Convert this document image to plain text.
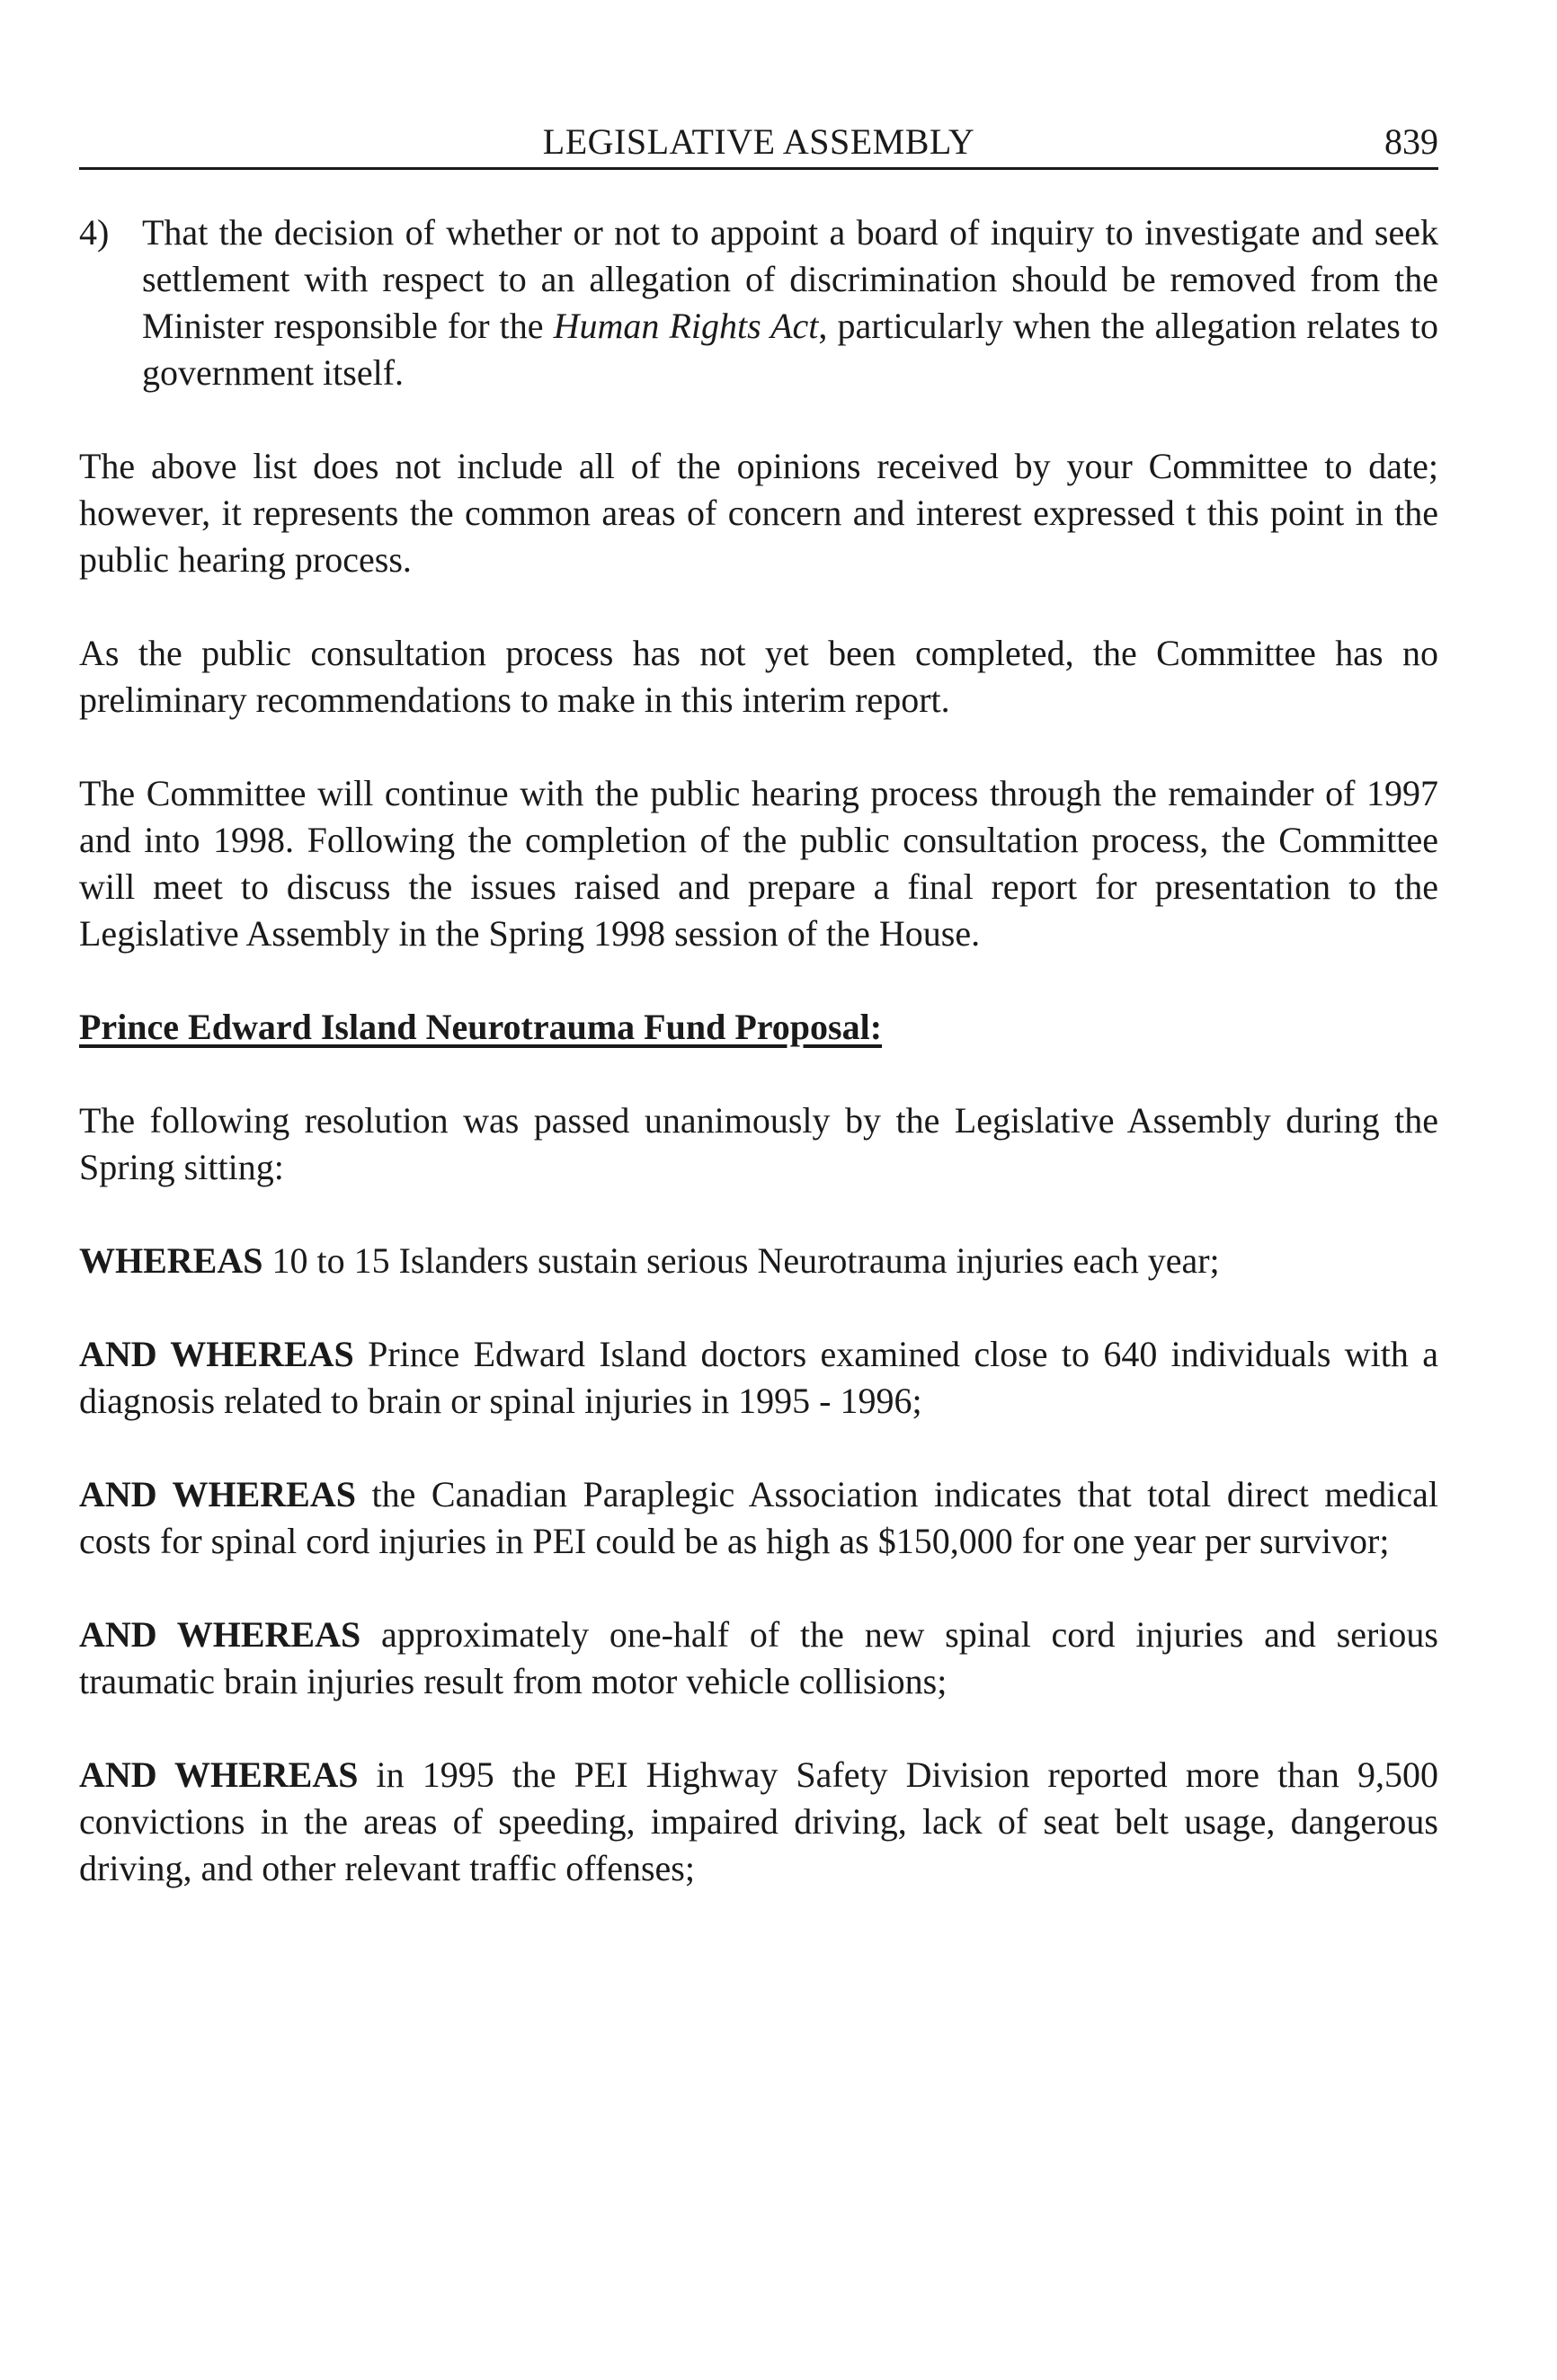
LEGISLATIVE ASSEMBLY	839
4) That the decision of whether or not to appoint a board of inquiry to investigate and seek settlement with respect to an allegation of discrimination should be removed from the Minister responsible for the Human Rights Act, particularly when the allegation relates to government itself.

The above list does not include all of the opinions received by your Committee to date; however, it represents the common areas of concern and interest expressed t this point in the public hearing process.

As the public consultation process has not yet been completed, the Committee has no preliminary recommendations to make in this interim report.

The Committee will continue with the public hearing process through the remainder of 1997 and into 1998. Following the completion of the public consultation process, the Committee will meet to discuss the issues raised and prepare a final report for presentation to the Legislative Assembly in the Spring 1998 session of the House.

Prince Edward Island Neurotrauma Fund Proposal:

The following resolution was passed unanimously by the Legislative Assembly during the Spring sitting:

WHEREAS 10 to 15 Islanders sustain serious Neurotrauma injuries each year;

AND WHEREAS Prince Edward Island doctors examined close to 640 individuals with a diagnosis related to brain or spinal injuries in 1995 - 1996;

AND WHEREAS the Canadian Paraplegic Association indicates that total direct medical costs for spinal cord injuries in PEI could be as high as $150,000 for one year per survivor;

AND WHEREAS approximately one-half of the new spinal cord injuries and serious traumatic brain injuries result from motor vehicle collisions;

AND WHEREAS in 1995 the PEI Highway Safety Division reported more than 9,500 convictions in the areas of speeding, impaired driving, lack of seat belt usage, dangerous driving, and other relevant traffic offenses;
